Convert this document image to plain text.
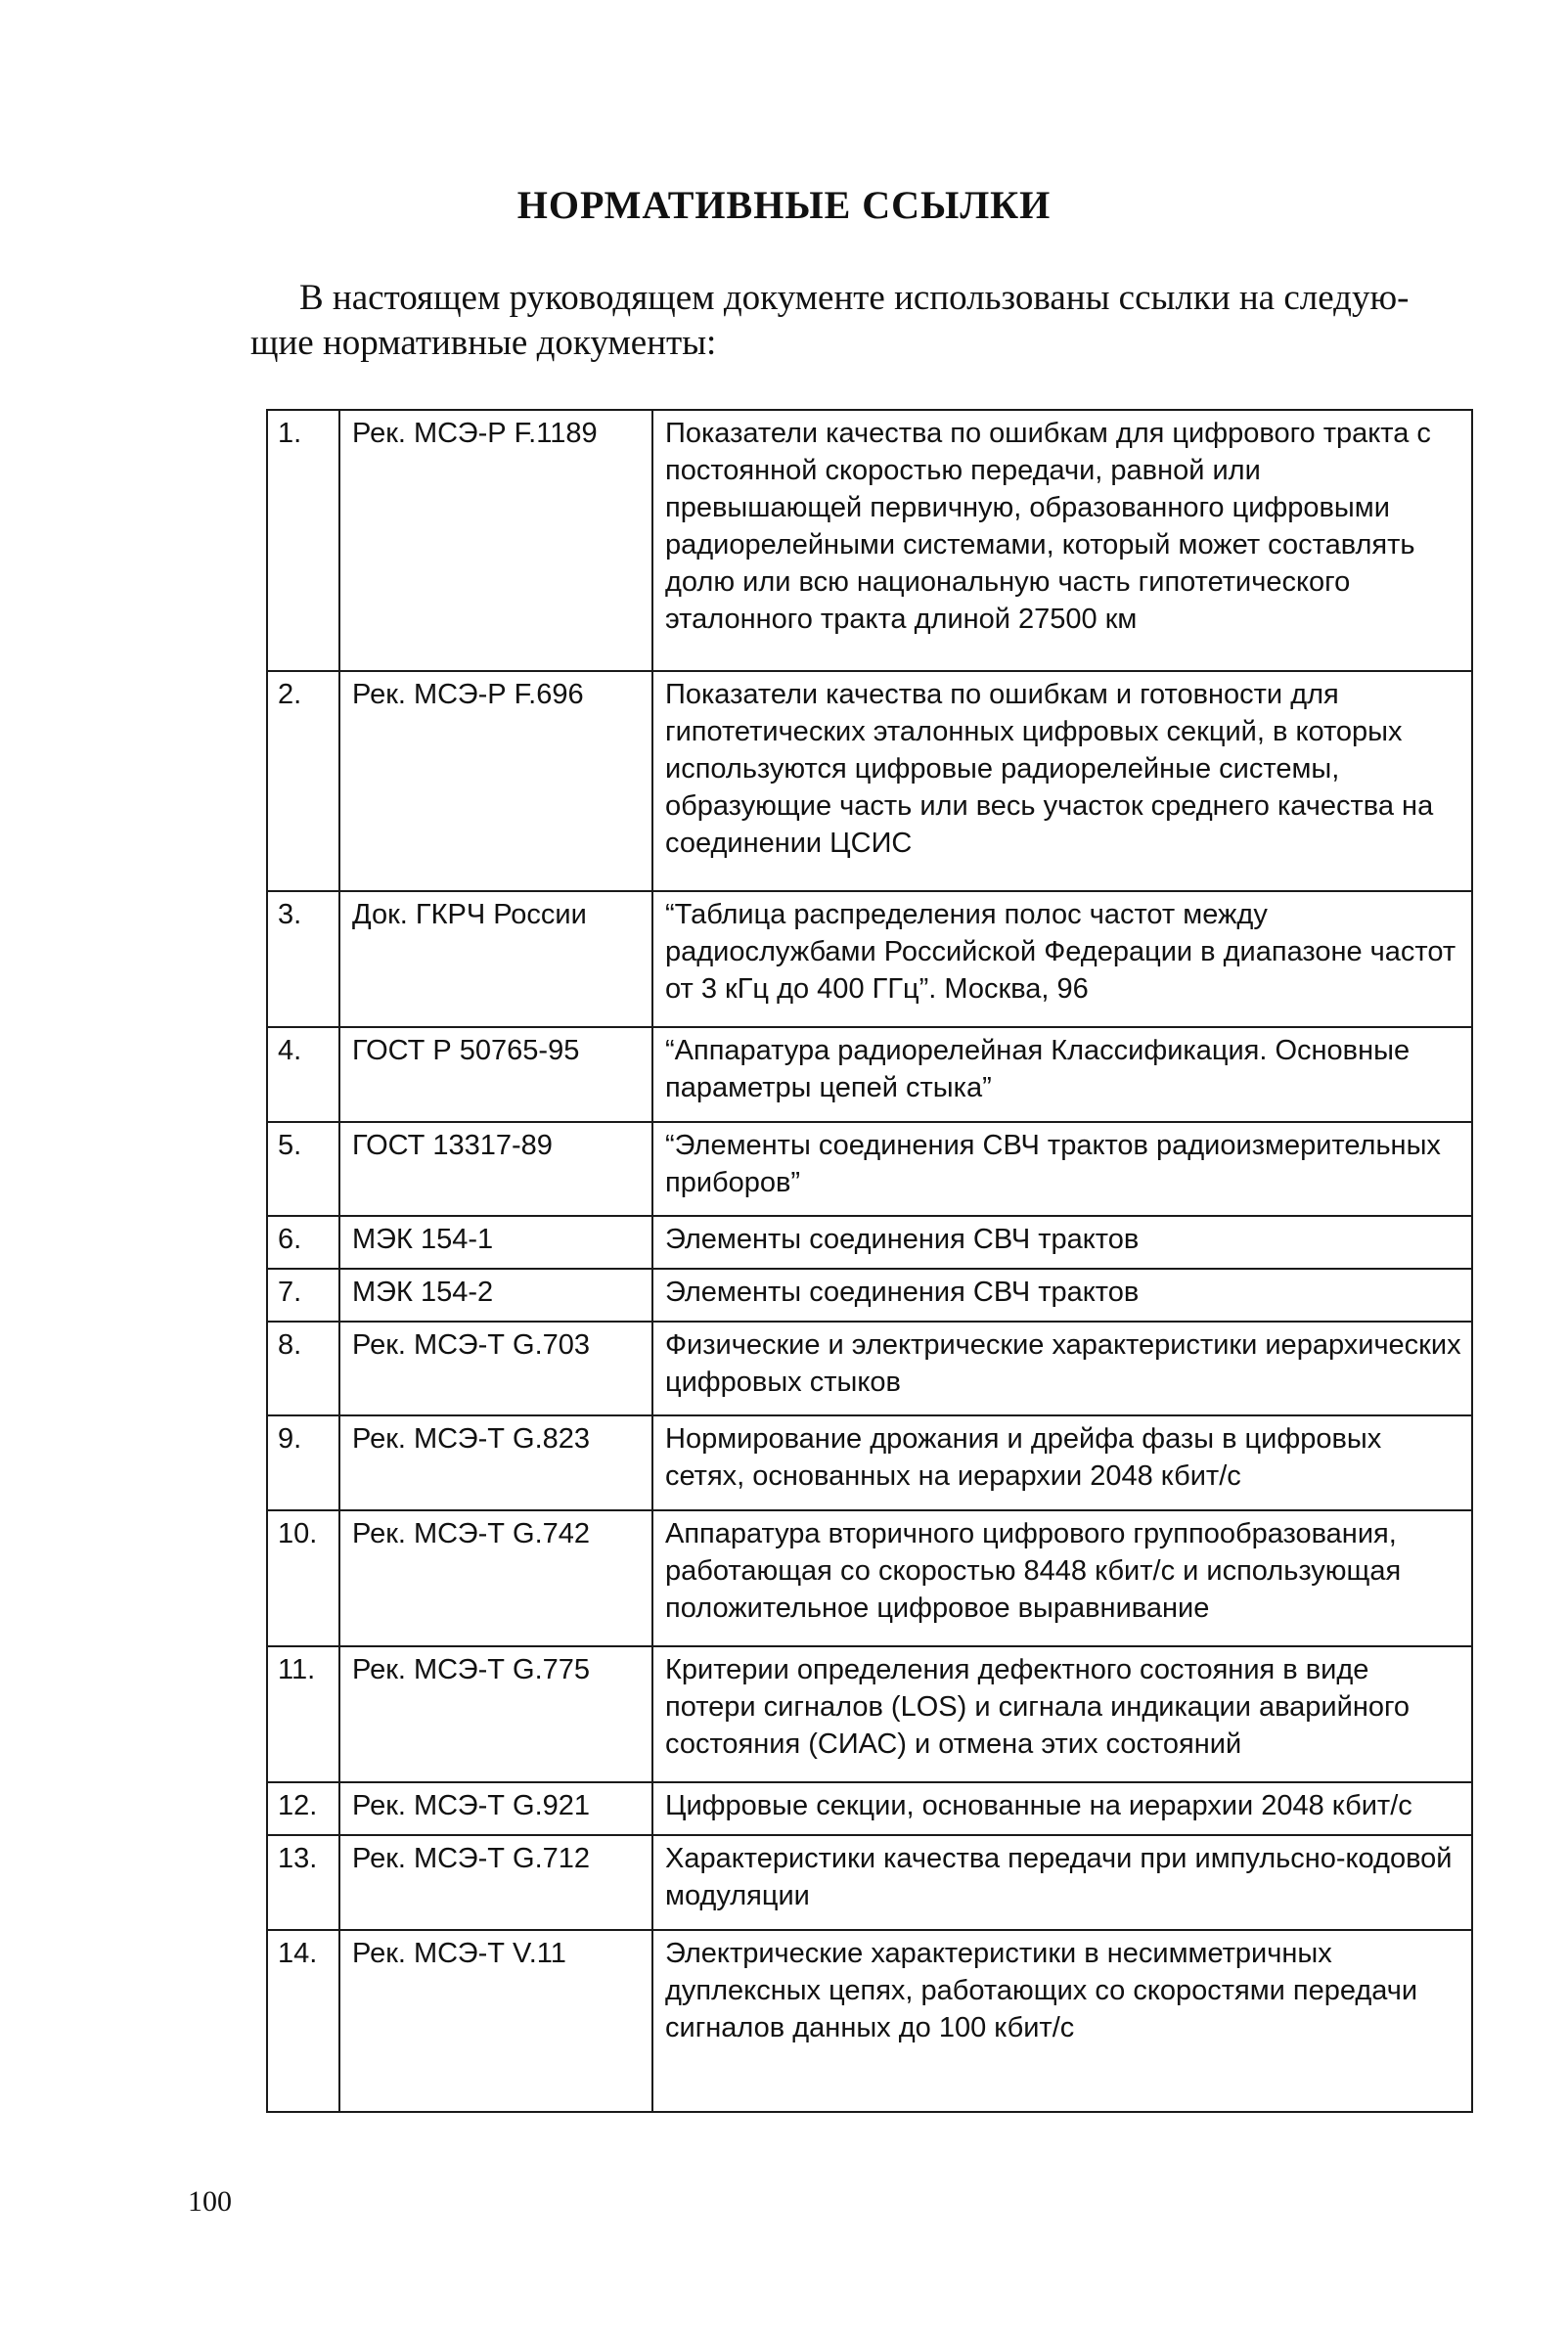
НОРМАТИВНЫЕ ССЫЛКИ

В настоящем руководящем документе использованы ссылки на следую-
щие нормативные документы:

1.	Рек. МСЭ-Р F.1189	Показатели качества по ошибкам для цифрового тракта с постоянной скоростью передачи, равной или превышающей первичную, образованного цифровыми радиорелейными системами, который может составлять долю или всю национальную часть гипотетического эталонного тракта длиной 27500 км
2.	Рек. МСЭ-Р F.696	Показатели качества по ошибкам и готовности для гипотетических эталонных цифровых секций, в которых используются цифровые радиорелейные системы, образующие часть или весь участок среднего качества на соединении ЦСИС
3.	Док. ГКРЧ России	“Таблица распределения полос частот между радиослужбами Российской Федерации в диапазоне частот от 3 кГц до 400 ГГц”. Москва, 96
4.	ГОСТ Р 50765-95	“Аппаратура радиорелейная Классификация. Основные параметры цепей стыка”
5.	ГОСТ 13317-89	“Элементы соединения СВЧ трактов радиоизмерительных приборов”
6.	МЭК 154-1	Элементы соединения СВЧ трактов
7.	МЭК 154-2	Элементы соединения СВЧ трактов
8.	Рек. МСЭ-Т G.703	Физические и электрические характеристики иерархических цифровых стыков
9.	Рек. МСЭ-Т G.823	Нормирование дрожания и дрейфа фазы в цифровых сетях, основанных на иерархии 2048 кбит/с
10.	Рек. МСЭ-Т G.742	Аппаратура вторичного цифрового группообразования, работающая со скоростью 8448 кбит/с и использующая положительное цифровое выравнивание
11.	Рек. МСЭ-Т G.775	Критерии определения дефектного состояния в виде потери сигналов (LOS) и сигнала индикации аварийного состояния (СИАС) и отмена этих состояний
12.	Рек. МСЭ-Т G.921	Цифровые секции, основанные на иерархии 2048 кбит/с
13.	Рек. МСЭ-Т G.712	Характеристики качества передачи при импульсно-кодовой модуляции
14.	Рек. МСЭ-Т V.11	Электрические характеристики в несимметричных дуплексных цепях, работающих со скоростями передачи сигналов данных до 100 кбит/с

100
